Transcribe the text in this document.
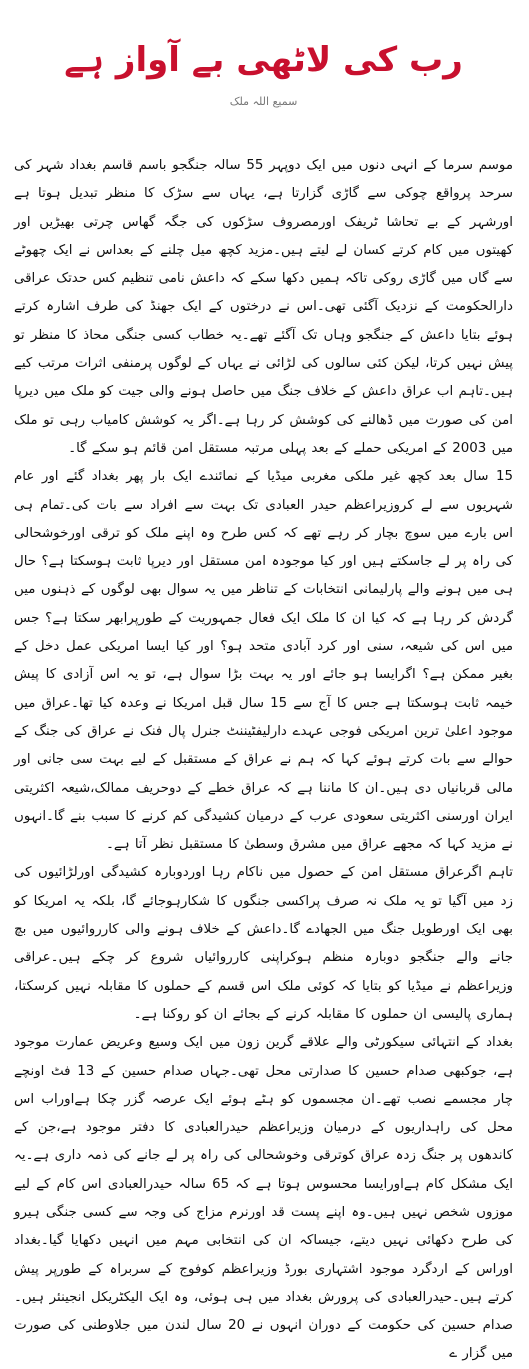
رب کی لاٹھی بے آواز ہے
سمیع اللہ ملک

موسم سرما کے انہی دنوں میں ایک دوپہر 55 سالہ جنگجو باسم قاسم بغداد شہر کی سرحد پرواقع چوکی سے گاڑی گزارتا ہے، یہاں سے سڑک کا منظر تبدیل ہوتا ہے اورشہر کے بے تحاشا ٹریفک اورمصروف سڑکوں کی جگہ گھاس چرتی بھیڑیں اور کھیتوں میں کام کرتے کسان لے لیتے ہیں۔مزید کچھ میل چلنے کے بعداس نے ایک چھوٹے سے گاں میں گاڑی روکی تاکہ ہمیں دکھا سکے کہ داعش نامی تنظیم کس حدتک عراقی دارالحکومت کے نزدیک آگئی تھی۔اس نے درختوں کے ایک جھنڈ کی طرف اشارہ کرتے ہوئے بتایا داعش کے جنگجو وہاں تک آگئے تھے۔یہ خطاب کسی جنگی محاذ کا منظر تو پیش نہیں کرتا، لیکن کئی سالوں کی لڑائی نے یہاں کے لوگوں پرمنفی اثرات مرتب کیے ہیں۔تاہم اب عراق داعش کے خلاف جنگ میں حاصل ہونے والی جیت کو ملک میں دیرپا امن کی صورت میں ڈھالنے کی کوشش کر رہا ہے۔اگر یہ کوشش کامیاب رہی تو ملک میں 2003 کے امریکی حملے کے بعد پہلی مرتبہ مستقل امن قائم ہو سکے گا۔

15 سال بعد کچھ غیر ملکی مغربی میڈیا کے نمائندے ایک بار پھر بغداد گئے اور عام شہریوں سے لے کروزیراعظم حیدر العبادی تک بہت سے افراد سے بات کی۔تمام ہی اس بارے میں سوچ بچار کر رہے تھے کہ کس طرح وہ اپنے ملک کو ترقی اورخوشحالی کی راہ پر لے جاسکتے ہیں اور کیا موجودہ امن مستقل اور دیرپا ثابت ہوسکتا ہے؟ حال ہی میں ہونے والے پارلیمانی انتخابات کے تناظر میں یہ سوال بھی لوگوں کے ذہنوں میں گردش کر رہا ہے کہ کیا ان کا ملک ایک فعال جمہوریت کے طورپرابھر سکتا ہے؟ جس میں اس کی شیعہ، سنی اور کرد آبادی متحد ہو؟ اور کیا ایسا امریکی عمل دخل کے بغیر ممکن ہے؟ اگرایسا ہو جائے اور یہ بہت بڑا سوال ہے، تو یہ اس آزادی کا پیش خیمہ ثابت ہوسکتا ہے جس کا آج سے 15 سال قبل امریکا نے وعدہ کیا تھا۔عراق میں موجود اعلیٰ ترین امریکی فوجی عہدے دارلیفٹیننٹ جنرل پال فنک نے عراق کی جنگ کے حوالے سے بات کرتے ہوئے کہا کہ ہم نے عراق کے مستقبل کے لیے بہت سی جانی اور مالی قربانیاں دی ہیں۔ان کا ماننا ہے کہ عراق خطے کے دوحریف ممالک،شیعہ اکثریتی ایران اورسنی اکثریتی سعودی عرب کے درمیان کشیدگی کم کرنے کا سبب بنے گا۔انہوں نے مزید کہا کہ مجھے عراق میں مشرق وسطیٰ کا مستقبل نظر آتا ہے۔

تاہم اگرعراق مستقل امن کے حصول میں ناکام رہا اوردوبارہ کشیدگی اورلڑائیوں کی زد میں آگیا تو یہ ملک نہ صرف پراکسی جنگوں کا شکارہوجائے گا، بلکہ یہ امریکا کو بھی ایک اورطویل جنگ میں الجھادے گا۔داعش کے خلاف ہونے والی کارروائیوں میں بچ جانے والے جنگجو دوبارہ منظم ہوکراپنی کارروائیاں شروع کر چکے ہیں۔عراقی وزیراعظم نے میڈیا کو بتایا کہ کوئی ملک اس قسم کے حملوں کا مقابلہ نہیں کرسکتا، ہماری پالیسی ان حملوں کا مقابلہ کرنے کے بجائے ان کو روکنا ہے۔

بغداد کے انتہائی سیکورٹی والے علاقے گرین زون میں ایک وسیع وعریض عمارت موجود ہے، جوکبھی صدام حسین کا صدارتی محل تھی۔جہاں صدام حسین کے 13 فٹ اونچے چار مجسمے نصب تھے۔ان مجسموں کو ہٹے ہوئے ایک عرصہ گزر چکا ہےاوراب اس محل کی راہداریوں کے درمیان وزیراعظم حیدرالعبادی کا دفتر موجود ہے،جن کے کاندھوں پر جنگ زدہ عراق کوترقی وخوشحالی کی راہ پر لے جانے کی ذمہ داری ہے۔یہ ایک مشکل کام ہےاورایسا محسوس ہوتا ہے کہ 65 سالہ حیدرالعبادی اس کام کے لیے موزوں شخص نہیں ہیں۔وہ اپنے پست قد اورنرم مزاج کی وجہ سے کسی جنگی ہیرو کی طرح دکھائی نہیں دیتے، جیساکہ ان کی انتخابی مہم میں انہیں دکھایا گیا۔بغداد اوراس کے اردگرد موجود اشتہاری بورڈ وزیراعظم کوفوج کے سربراہ کے طورپر پیش کرتے ہیں۔حیدرالعبادی کی پرورش بغداد میں ہی ہوئی، وہ ایک الیکٹریکل انجینئر ہیں۔صدام حسین کی حکومت کے دوران انہوں نے 20 سال لندن میں جلاوطنی کی صورت میں گزار ے
